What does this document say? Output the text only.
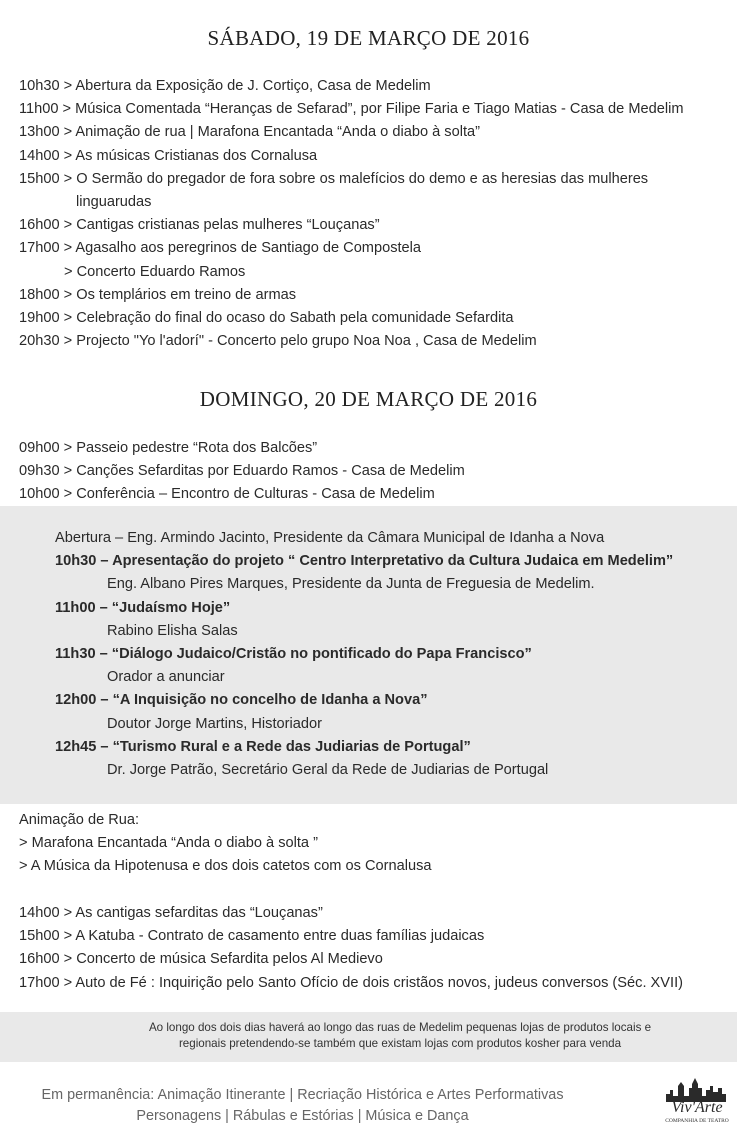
SÁBADO, 19 DE MARÇO DE 2016
10h30 > Abertura da Exposição de J. Cortiço, Casa de Medelim
11h00 > Música Comentada “Heranças de Sefarad”, por Filipe Faria e Tiago Matias - Casa de Medelim
13h00 > Animação de rua | Marafona Encantada “Anda o diabo à solta”
14h00 > As músicas Cristianas dos Cornalusa
15h00 > O Sermão do pregador de fora sobre os malefícios do demo e as heresias das mulheres
linguarudas
16h00 > Cantigas cristianas pelas mulheres “Louçanas”
17h00 > Agasalho aos peregrinos de Santiago de Compostela
> Concerto Eduardo Ramos
18h00 > Os templários em treino de armas
19h00 > Celebração do final do ocaso do Sabath pela comunidade Sefardita
20h30 > Projecto "Yo l'adorí" - Concerto pelo grupo Noa Noa , Casa de Medelim
DOMINGO, 20 DE MARÇO DE 2016
09h00 > Passeio pedestre “Rota dos Balcões”
09h30 > Canções Sefarditas por Eduardo Ramos - Casa de Medelim
10h00 > Conferência – Encontro de Culturas - Casa de Medelim
Abertura – Eng. Armindo Jacinto, Presidente da Câmara Municipal de Idanha a Nova
10h30 – Apresentação do projeto “ Centro Interpretativo da Cultura Judaica em Medelim”
Eng. Albano Pires Marques, Presidente da Junta de Freguesia de Medelim.
11h00 – “Judaísmo Hoje”
Rabino Elisha Salas
11h30 – “Diálogo Judaico/Cristão no pontificado do Papa Francisco”
Orador a anunciar
12h00 – “A Inquisição no concelho de Idanha a Nova”
Doutor Jorge Martins, Historiador
12h45 – “Turismo Rural e a Rede das Judiarias de Portugal”
Dr. Jorge Patrão, Secretário Geral da Rede de Judiarias de Portugal
Animação de Rua:
> Marafona Encantada “Anda o diabo à solta ”
> A Música da Hipotenusa e dos dois catetos com os Cornalusa
14h00 > As cantigas sefarditas das “Louçanas”
15h00 > A Katuba - Contrato de casamento entre duas famílias judaicas
16h00 > Concerto de música Sefardita pelos Al Medievo
17h00 > Auto de Fé : Inquirição pelo Santo Ofício de dois cristãos novos, judeus conversos (Séc. XVII)
Ao longo dos dois dias haverá ao longo das ruas de Medelim pequenas lojas de produtos locais e
regionais pretendendo-se também que existam lojas com produtos kosher para venda
Em permanência: Animação Itinerante | Recriação Histórica e Artes Performativas
Personagens | Rábulas e Estórias | Música e Dança	Viv'Arte
COMPANHIA DE TEATRO
